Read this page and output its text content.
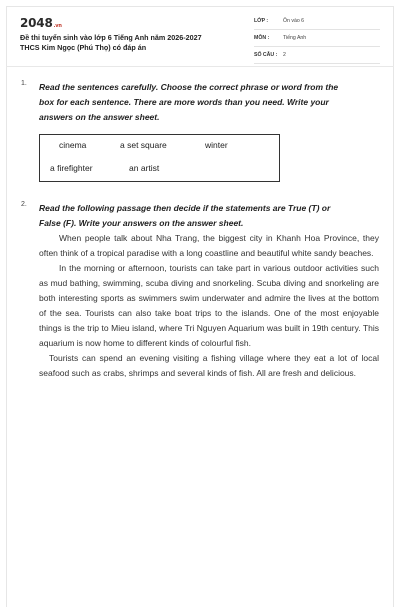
2048.vn
Đề thi tuyển sinh vào lớp 6 Tiếng Anh năm 2026-2027
THCS Kim Ngọc (Phú Thọ) có đáp án
LỚP :	Ôn vào 6
MÔN :	Tiếng Anh
SỐ CÂU : 2
1. Read the sentences carefully. Choose the correct phrase or word from the
box for each sentence. There are more words than you need. Write your
answers on the answer sheet.
cinema	a set square	winter
a firefighter	an artist
2. Read the following passage then decide if the statements are True (T) or
False (F). Write your answers on the answer sheet.

When people talk about Nha Trang, the biggest city in Khanh Hoa Province, they often think of a tropical paradise with a long coastline and beautiful white sandy beaches.

In the morning or afternoon, tourists can take part in various outdoor activities such as mud bathing, swimming, scuba diving and snorkeling. Scuba diving and snorkeling are both interesting sports as swimmers swim underwater and admire the lives at the bottom of the sea. Tourists can also take boat trips to the islands. One of the most enjoyable things is the trip to Mieu island, where Tri Nguyen Aquarium was built in 19th century. This aquarium is now home to different kinds of colourful fish.

Tourists can spend an evening visiting a fishing village where they eat a lot of local seafood such as crabs, shrimps and several kinds of fish. All are fresh and delicious.
